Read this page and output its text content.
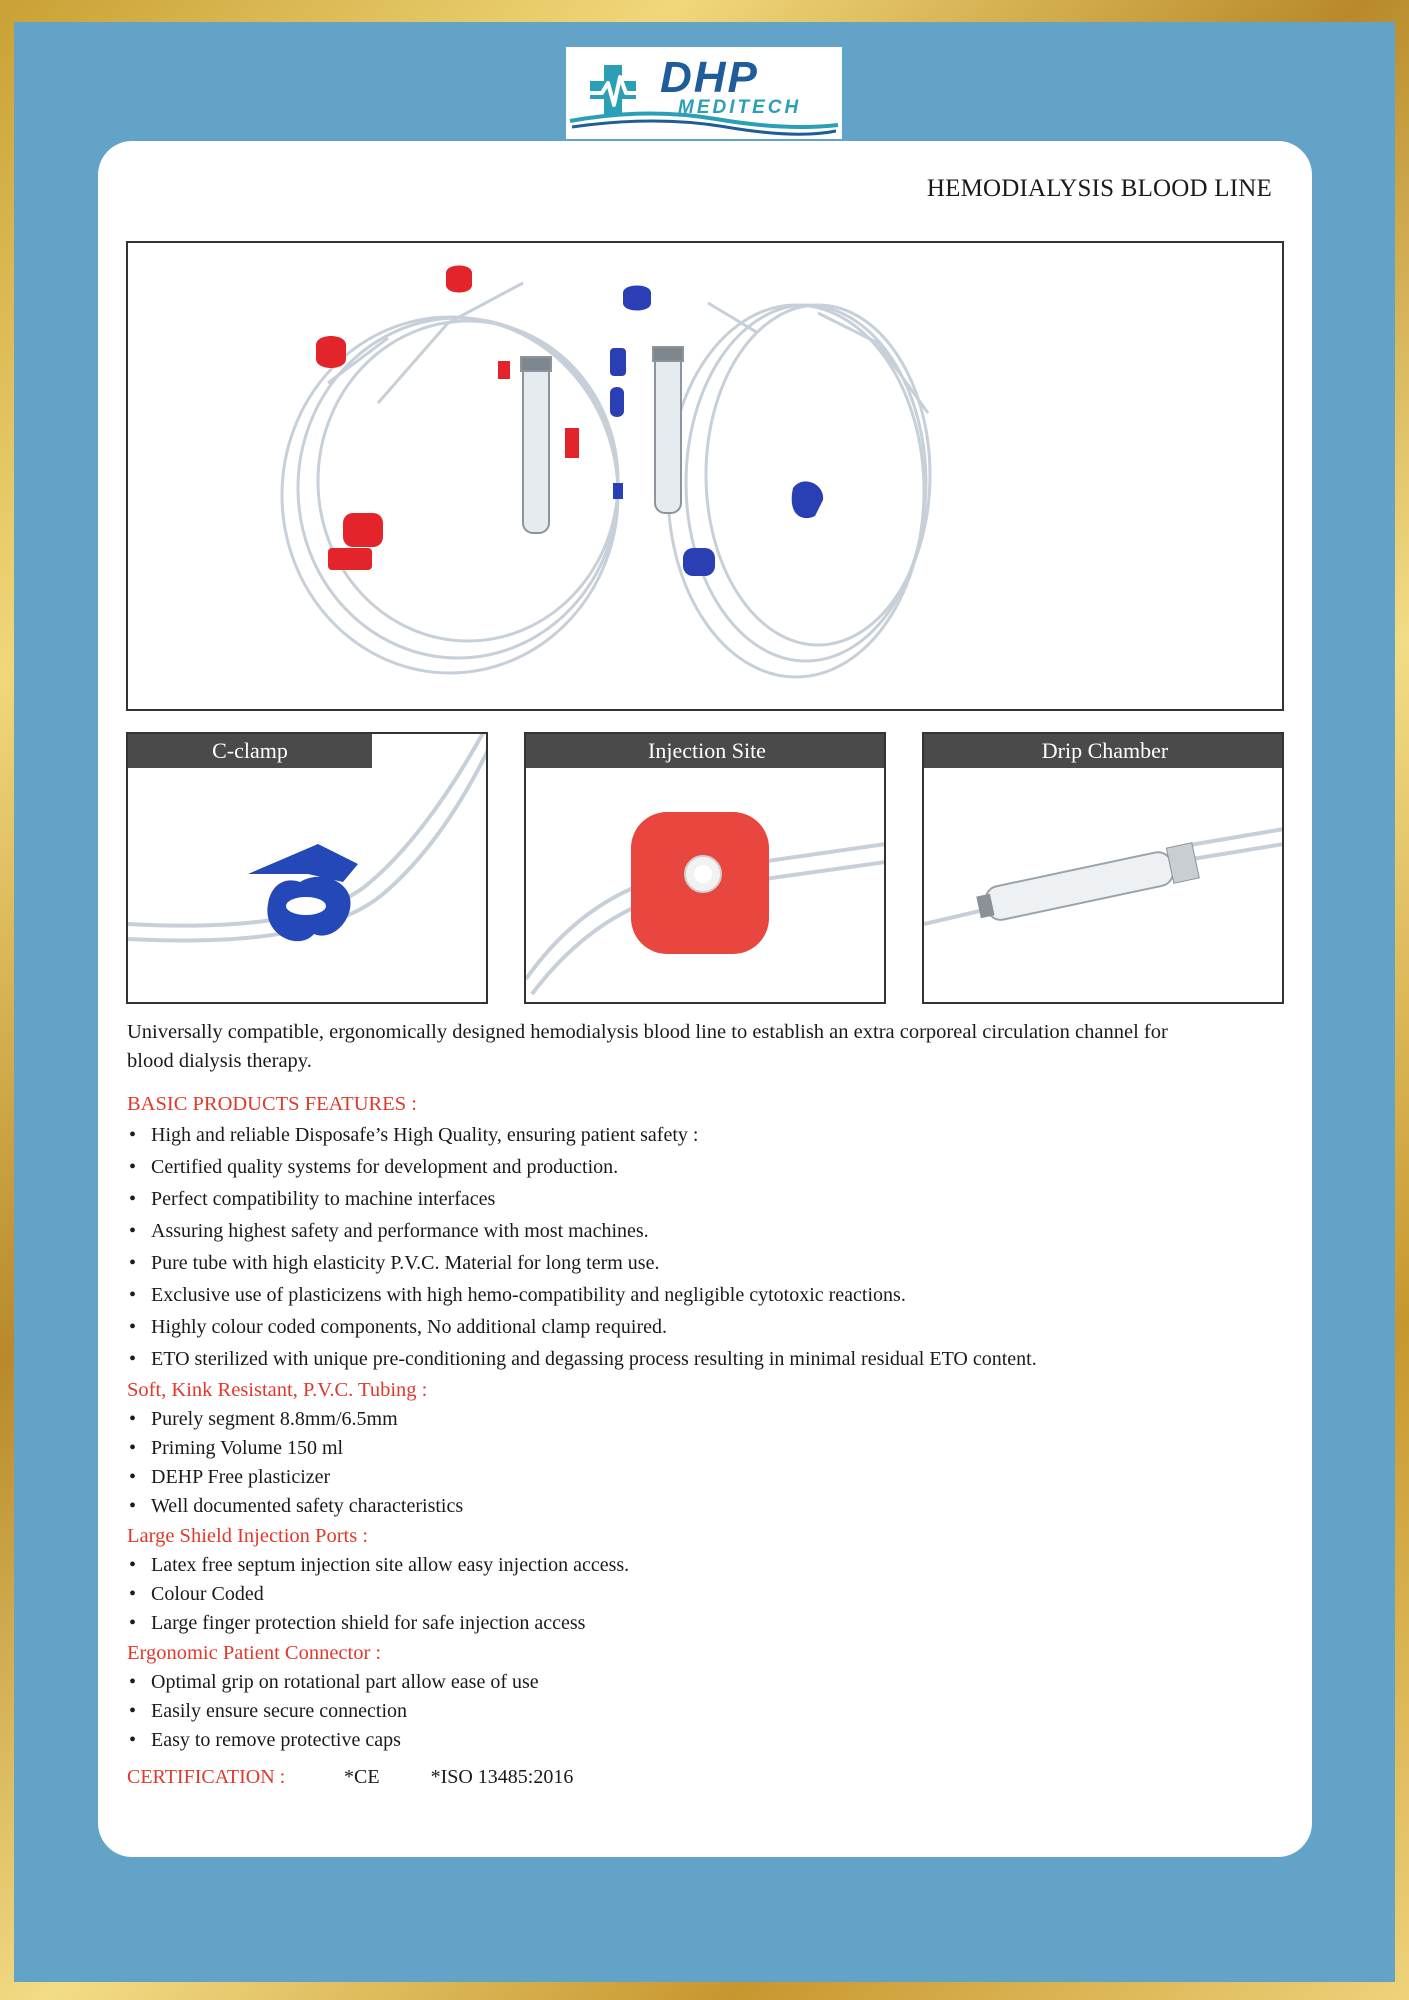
DHP
MEDITECH
HEMODIALYSIS BLOOD LINE
C-clamp	Injection Site	Drip Chamber
Universally compatible, ergonomically designed hemodialysis blood line to establish an extra corporeal circulation channel for blood dialysis therapy.
BASIC PRODUCTS FEATURES :
• High and reliable Disposafe’s High Quality, ensuring patient safety :
• Certified quality systems for development and production.
• Perfect compatibility to machine interfaces
• Assuring highest safety and performance with most machines.
• Pure tube with high elasticity P.V.C. Material for long term use.
• Exclusive use of plasticizens with high hemo-compatibility and negligible cytotoxic reactions.
• Highly colour coded components, No additional clamp required.
• ETO sterilized with unique pre-conditioning and degassing process resulting in minimal residual ETO content.
Soft, Kink Resistant, P.V.C. Tubing :
• Purely segment 8.8mm/6.5mm
• Priming Volume 150 ml
• DEHP Free plasticizer
• Well documented safety characteristics
Large Shield Injection Ports :
• Latex free septum injection site allow easy injection access.
• Colour Coded
• Large finger protection shield for safe injection access
Ergonomic Patient Connector :
• Optimal grip on rotational part allow ease of use
• Easily ensure secure connection
• Easy to remove protective caps
CERTIFICATION :	*CE	*ISO 13485:2016
